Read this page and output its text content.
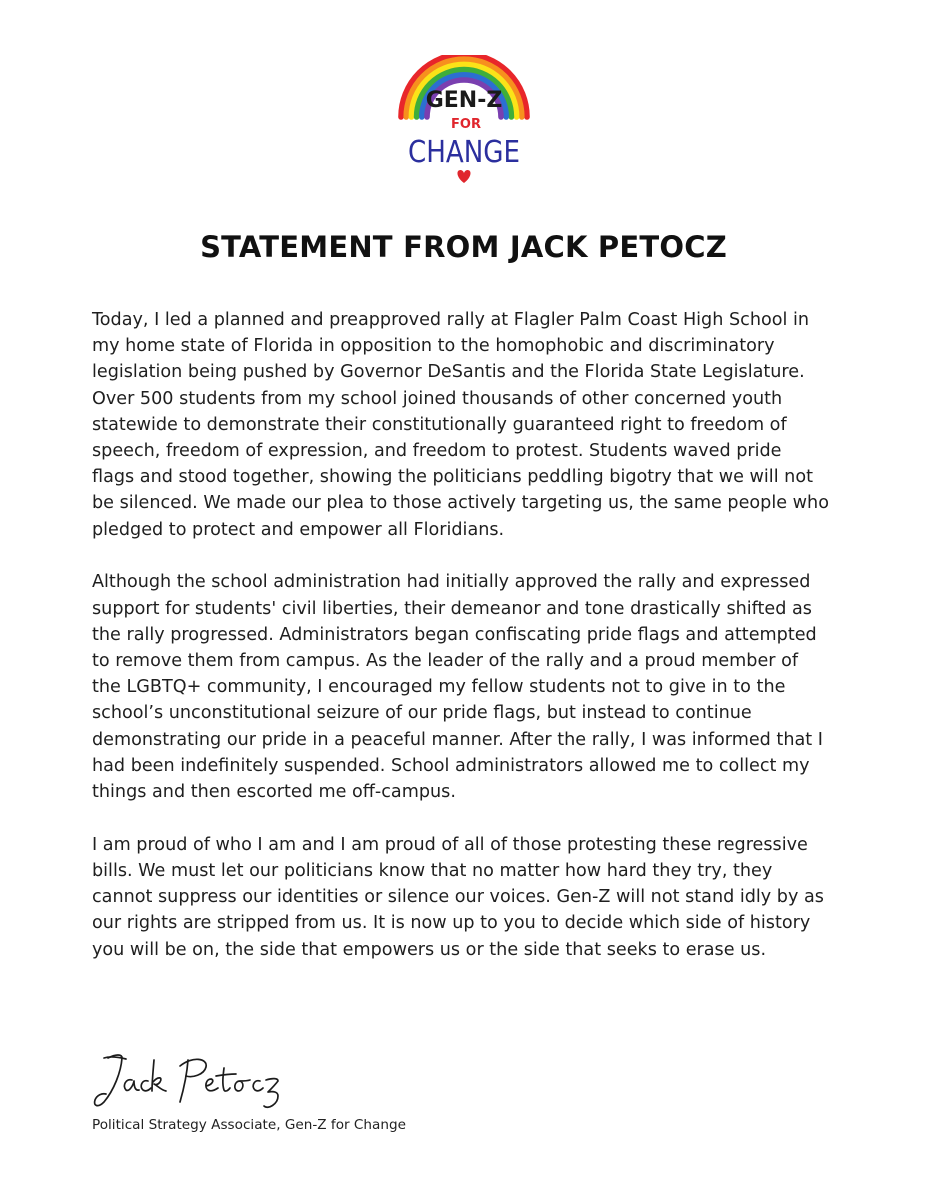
GEN-Z
FOR
CHANGE
STATEMENT FROM JACK PETOCZ

Today, I led a planned and preapproved rally at Flagler Palm Coast High School in
my home state of Florida in opposition to the homophobic and discriminatory
legislation being pushed by Governor DeSantis and the Florida State Legislature.
Over 500 students from my school joined thousands of other concerned youth
statewide to demonstrate their constitutionally guaranteed right to freedom of
speech, freedom of expression, and freedom to protest. Students waved pride
flags and stood together, showing the politicians peddling bigotry that we will not
be silenced. We made our plea to those actively targeting us, the same people who
pledged to protect and empower all Floridians.

Although the school administration had initially approved the rally and expressed
support for students' civil liberties, their demeanor and tone drastically shifted as
the rally progressed. Administrators began confiscating pride flags and attempted
to remove them from campus. As the leader of the rally and a proud member of
the LGBTQ+ community, I encouraged my fellow students not to give in to the
school’s unconstitutional seizure of our pride flags, but instead to continue
demonstrating our pride in a peaceful manner. After the rally, I was informed that I
had been indefinitely suspended. School administrators allowed me to collect my
things and then escorted me off-campus.

I am proud of who I am and I am proud of all of those protesting these regressive
bills. We must let our politicians know that no matter how hard they try, they
cannot suppress our identities or silence our voices. Gen-Z will not stand idly by as
our rights are stripped from us. It is now up to you to decide which side of history
you will be on, the side that empowers us or the side that seeks to erase us.

Political Strategy Associate, Gen-Z for Change
